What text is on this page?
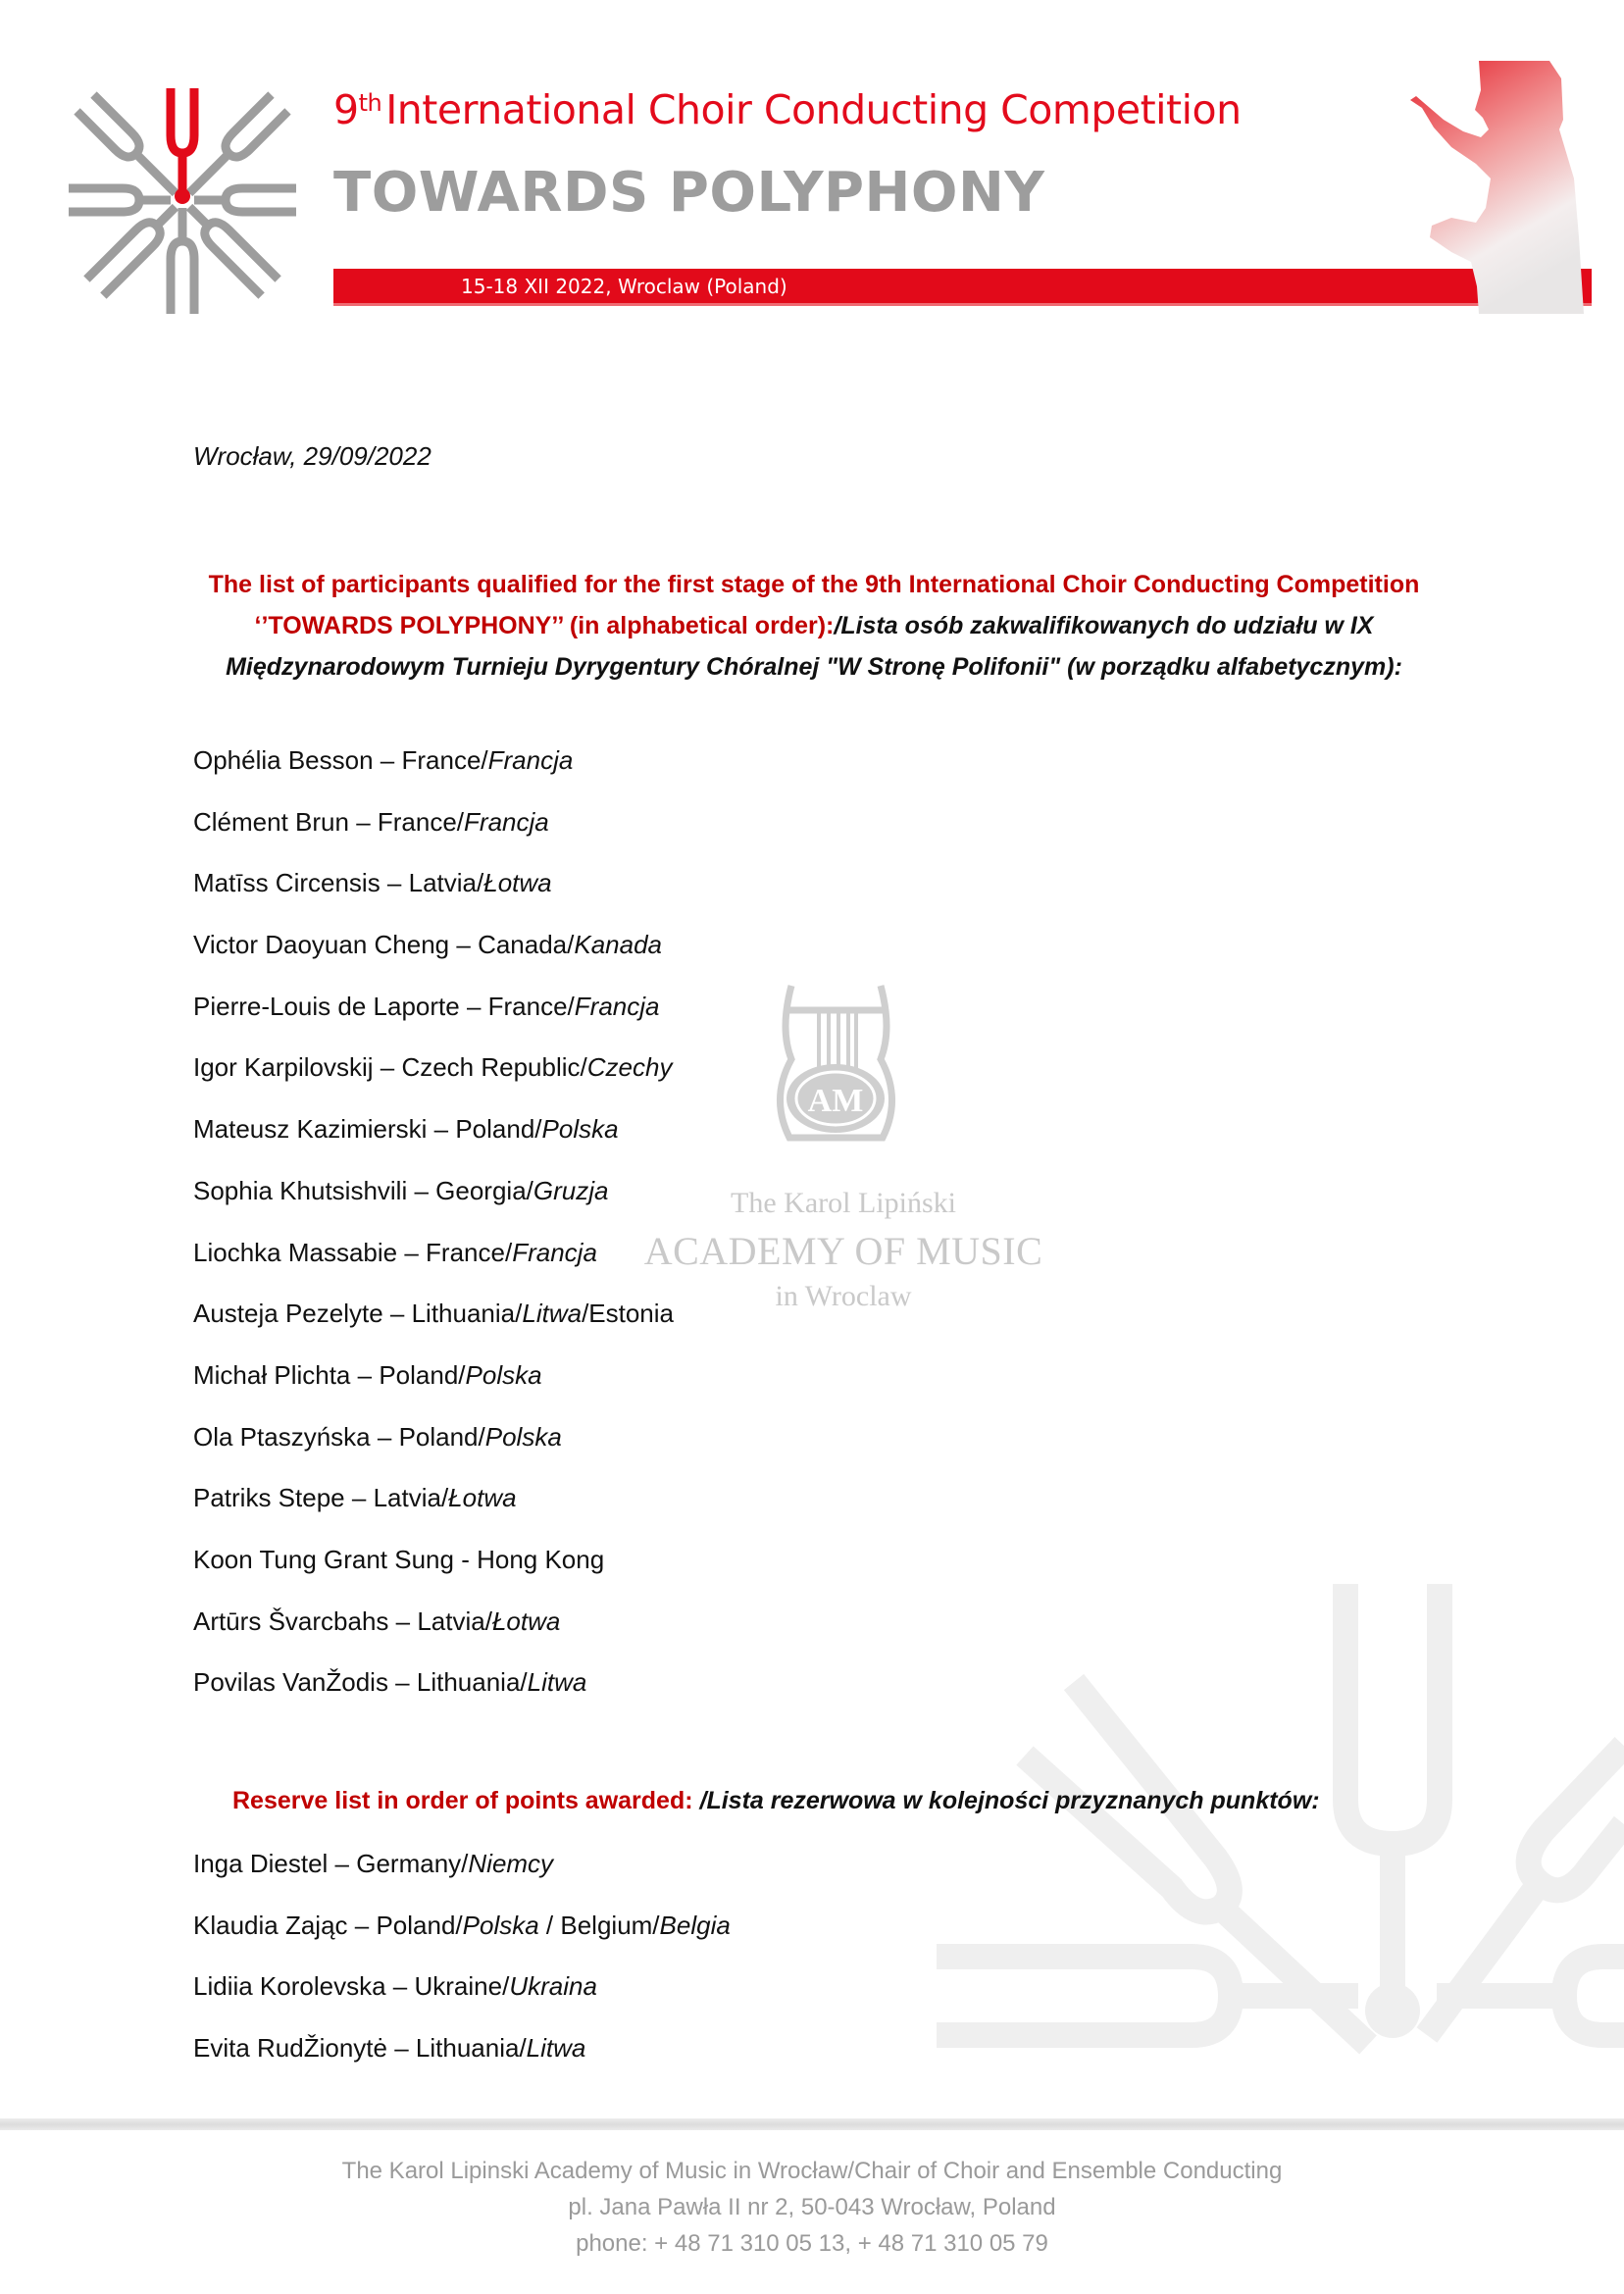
9thInternational Choir Conducting Competition
TOWARDS POLYPHONY
15-18 XII 2022, Wroclaw (Poland)
AM
The Karol Lipiński
ACADEMY OF MUSIC
in Wroclaw
Wrocław, 29/09/2022
The list of participants qualified for the first stage of the 9th International Choir Conducting Competition ‘’TOWARDS POLYPHONY’’ (in alphabetical order):/Lista osób zakwalifikowanych do udziału w IX Międzynarodowym Turnieju Dyrygentury Chóralnej "W Stronę Polifonii" (w porządku alfabetycznym):
Ophélia Besson – France/Francja
Clément Brun – France/Francja
Matīss Circensis – Latvia/Łotwa
Victor Daoyuan Cheng – Canada/Kanada
Pierre-Louis de Laporte – France/Francja
Igor Karpilovskij – Czech Republic/Czechy
Mateusz Kazimierski – Poland/Polska
Sophia Khutsishvili – Georgia/Gruzja
Liochka Massabie – France/Francja
Austeja Pezelyte – Lithuania/Litwa/Estonia
Michał Plichta – Poland/Polska
Ola Ptaszyńska – Poland/Polska
Patriks Stepe – Latvia/Łotwa
Koon Tung Grant Sung - Hong Kong
Artūrs Švarcbahs – Latvia/Łotwa
Povilas VanŽodis – Lithuania/Litwa
Reserve list in order of points awarded: /Lista rezerwowa w kolejności przyznanych punktów:
Inga Diestel – Germany/Niemcy
Klaudia Zając – Poland/Polska / Belgium/Belgia
Lidiia Korolevska – Ukraine/Ukraina
Evita RudŽionytė – Lithuania/Litwa
The Karol Lipinski Academy of Music in Wrocław/Chair of Choir and Ensemble Conducting
pl. Jana Pawła II nr 2, 50-043 Wrocław, Poland
phone: + 48 71 310 05 13, + 48 71 310 05 79
